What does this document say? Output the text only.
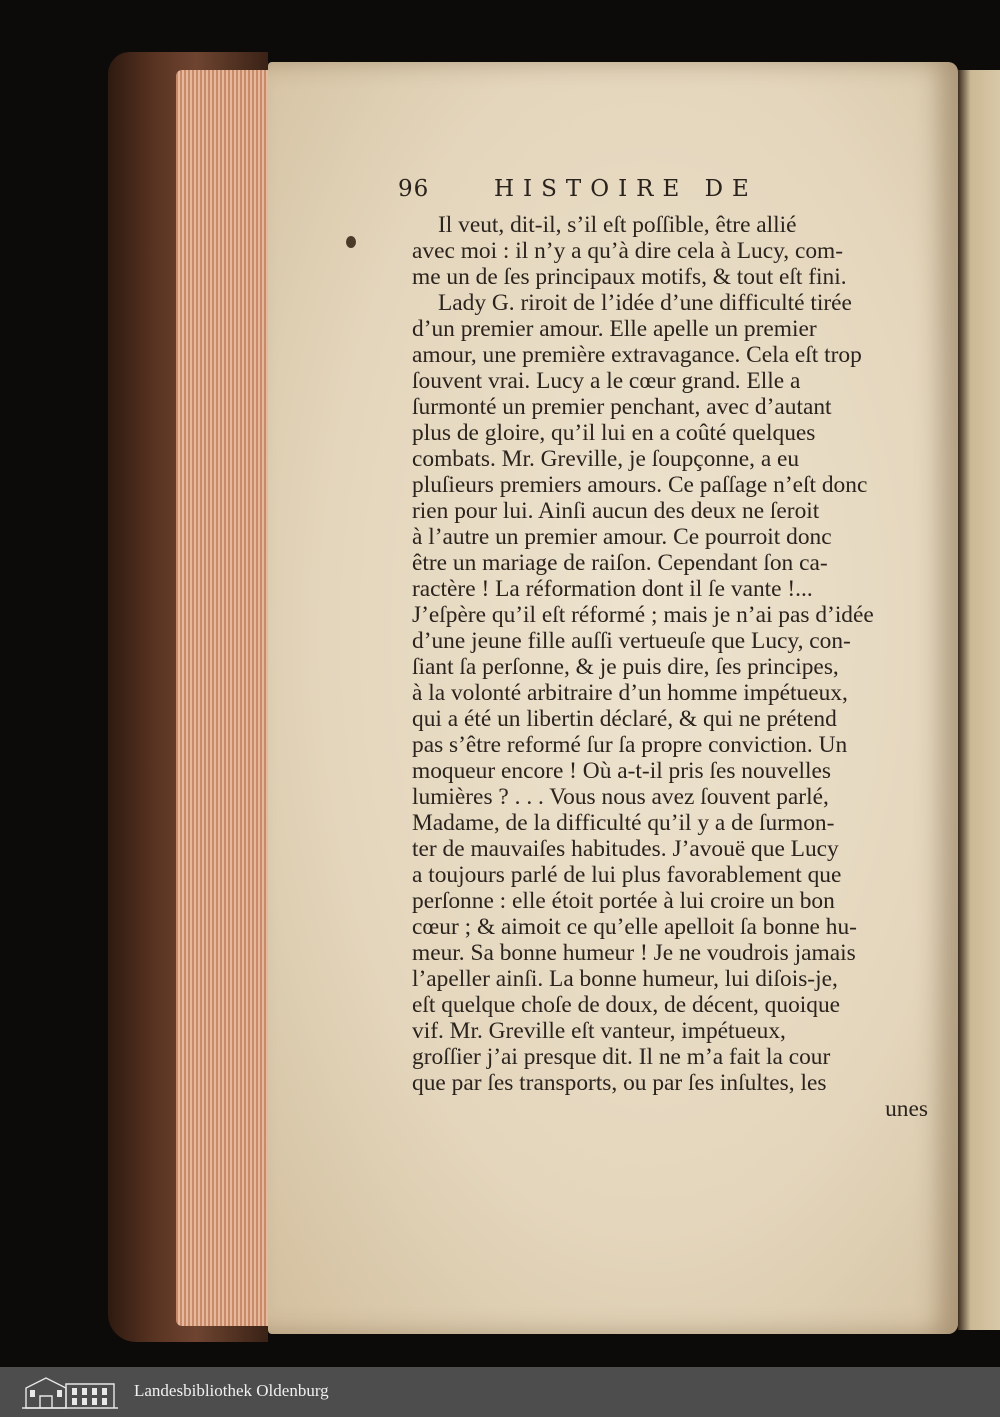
96	HISTOIRE DE
Il veut, dit-il, s’il eſt poſſible, être allié
avec moi : il n’y a qu’à dire cela à Lucy, com-
me un de ſes principaux motifs, & tout eſt fini.
Lady G. riroit de l’idée d’une difficulté tirée
d’un premier amour. Elle apelle un premier
amour, une première extravagance. Cela eſt trop
ſouvent vrai. Lucy a le cœur grand. Elle a
ſurmonté un premier penchant, avec d’autant
plus de gloire, qu’il lui en a coûté quelques
combats. Mr. Greville, je ſoupçonne, a eu
pluſieurs premiers amours. Ce paſſage n’eſt donc
rien pour lui. Ainſi aucun des deux ne ſeroit
à l’autre un premier amour. Ce pourroit donc
être un mariage de raiſon. Cependant ſon ca-
ractère ! La réformation dont il ſe vante !...
J’eſpère qu’il eſt réformé ; mais je n’ai pas d’idée
d’une jeune fille auſſi vertueuſe que Lucy, con-
ſiant ſa perſonne, & je puis dire, ſes principes,
à la volonté arbitraire d’un homme impétueux,
qui a été un libertin déclaré, & qui ne prétend
pas s’être reformé ſur ſa propre conviction. Un
moqueur encore ! Où a-t-il pris ſes nouvelles
lumières ? . . . Vous nous avez ſouvent parlé,
Madame, de la difficulté qu’il y a de ſurmon-
ter de mauvaiſes habitudes. J’avouë que Lucy
a toujours parlé de lui plus favorablement que
perſonne : elle étoit portée à lui croire un bon
cœur ; & aimoit ce qu’elle apelloit ſa bonne hu-
meur. Sa bonne humeur ! Je ne voudrois jamais
l’apeller ainſi. La bonne humeur, lui diſois-je,
eſt quelque choſe de doux, de décent, quoique
vif. Mr. Greville eſt vanteur, impétueux,
groſſier j’ai presque dit. Il ne m’a fait la cour
que par ſes transports, ou par ſes inſultes, les
unes
Landesbibliothek Oldenburg
